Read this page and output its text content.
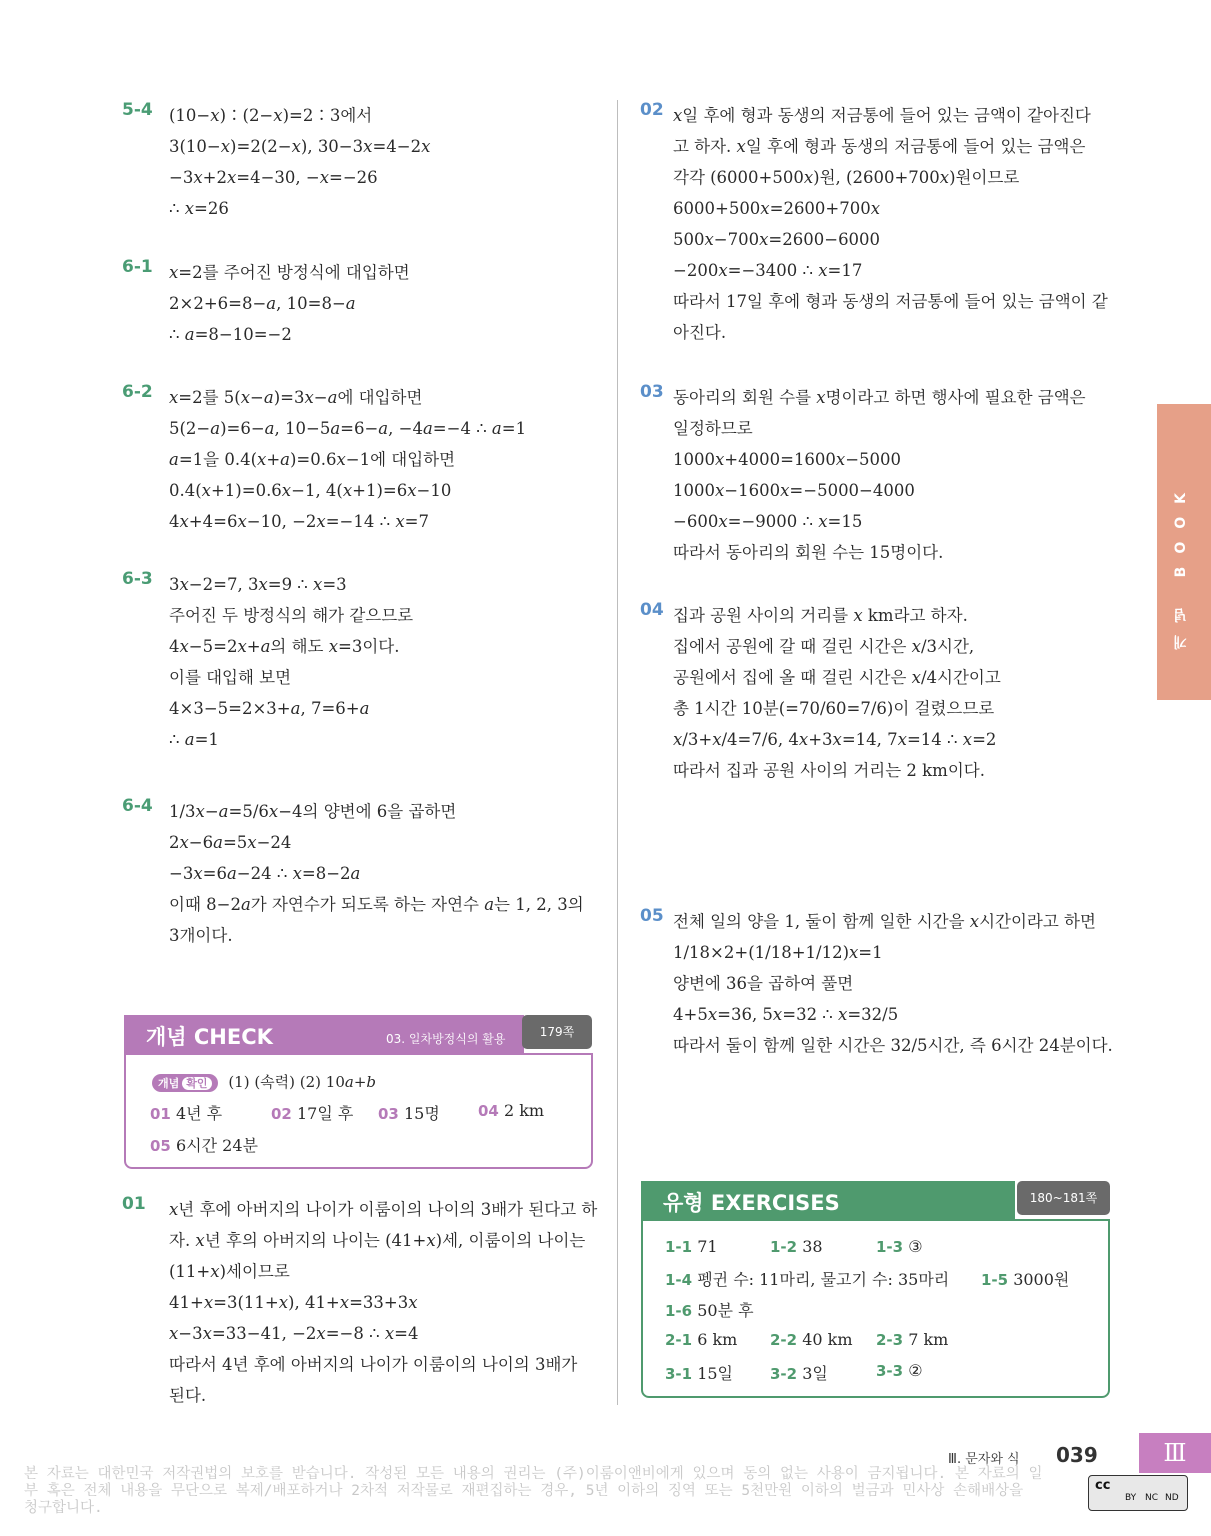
5-4 (10−𝑥)∶(2−𝑥)=2∶3에서
3(10−𝑥)=2(2−𝑥), 30−3𝑥=4−2𝑥
−3𝑥+2𝑥=4−30, −𝑥=−26
∴ 𝑥=26
6-1 𝑥=2를 주어진 방정식에 대입하면
2×2+6=8−𝑎, 10=8−𝑎
∴ 𝑎=8−10=−2
6-2 𝑥=2를 5(𝑥−𝑎)=3𝑥−𝑎에 대입하면
5(2−𝑎)=6−𝑎, 10−5𝑎=6−𝑎, −4𝑎=−4 ∴ 𝑎=1
𝑎=1을 0.4(𝑥+𝑎)=0.6𝑥−1에 대입하면
0.4(𝑥+1)=0.6𝑥−1, 4(𝑥+1)=6𝑥−10
4𝑥+4=6𝑥−10, −2𝑥=−14 ∴ 𝑥=7
6-3 3𝑥−2=7, 3𝑥=9 ∴ 𝑥=3
주어진 두 방정식의 해가 같으므로
4𝑥−5=2𝑥+𝑎의 해도 𝑥=3이다.
이를 대입해 보면
4×3−5=2×3+𝑎, 7=6+𝑎
∴ 𝑎=1
6-4 1/3𝑥−𝑎=5/6𝑥−4의 양변에 6을 곱하면
2𝑥−6𝑎=5𝑥−24
−3𝑥=6𝑎−24 ∴ 𝑥=8−2𝑎
이때 8−2𝑎가 자연수가 되도록 하는 자연수 𝑎는 1, 2, 3의
3개이다.
01 𝑥년 후에 아버지의 나이가 이룸이의 나이의 3배가 된다고 하
자. 𝑥년 후의 아버지의 나이는 (41+𝑥)세, 이룸이의 나이는
(11+𝑥)세이므로
41+𝑥=3(11+𝑥), 41+𝑥=33+3𝑥
𝑥−3𝑥=33−41, −2𝑥=−8 ∴ 𝑥=4
따라서 4년 후에 아버지의 나이가 이룸이의 나이의 3배가
된다.
02 𝑥일 후에 형과 동생의 저금통에 들어 있는 금액이 같아진다
고 하자. 𝑥일 후에 형과 동생의 저금통에 들어 있는 금액은
각각 (6000+500𝑥)원, (2600+700𝑥)원이므로
6000+500𝑥=2600+700𝑥
500𝑥−700𝑥=2600−6000
−200𝑥=−3400 ∴ 𝑥=17
따라서 17일 후에 형과 동생의 저금통에 들어 있는 금액이 같
아진다.
03 동아리의 회원 수를 𝑥명이라고 하면 행사에 필요한 금액은
일정하므로
1000𝑥+4000=1600𝑥−5000
1000𝑥−1600𝑥=−5000−4000
−600𝑥=−9000 ∴ 𝑥=15
따라서 동아리의 회원 수는 15명이다.
04 집과 공원 사이의 거리를 𝑥 km라고 하자.
집에서 공원에 갈 때 걸린 시간은 𝑥/3시간,
공원에서 집에 올 때 걸린 시간은 𝑥/4시간이고
총 1시간 10분(=70/60=7/6)이 걸렸으므로
𝑥/3+𝑥/4=7/6, 4𝑥+3𝑥=14, 7𝑥=14 ∴ 𝑥=2
따라서 집과 공원 사이의 거리는 2 km이다.
05 전체 일의 양을 1, 둘이 함께 일한 시간을 𝑥시간이라고 하면
1/18×2+(1/18+1/12)𝑥=1
양변에 36을 곱하여 풀면
4+5𝑥=36, 5𝑥=32 ∴ 𝑥=32/5
따라서 둘이 함께 일한 시간은 32/5시간, 즉 6시간 24분이다.
개념 CHECK	03. 일차방정식의 활용	179쪽
개념 확인 (1) (속력) (2) 10𝑎+𝑏
01 4년 후	02 17일 후 03 15명	04 2 km
05 6시간 24분
유형 EXERCISES	180~181쪽
1-1 71	1-2 38	1-3 ③
1-4 펭귄 수: 11마리, 물고기 수: 35마리 1-5 3000원
1-6 50분 후
2-1 6 km 2-2 40 km 2-3 7 km
3-1 15일 3-2 3일	3-3 ②
개념 BOOK
Ⅲ. 문자와 식 039	Ⅲ
본 자료는 대한민국 저작권법의 보호를 받습니다. 작성된 모든 내용의 권리는 (주)이룸이앤비에게 있으며 동의 없는 사용이 금지됩니다. 본 자료의 일부 혹은 전체 내용을 무단으로 복제/배포하거나 2차적 저작물로 재편집하는 경우, 5년 이하의 징역 또는 5천만원 이하의 벌금과 민사상 손해배상을 청구합니다.
cc
BY NC ND
